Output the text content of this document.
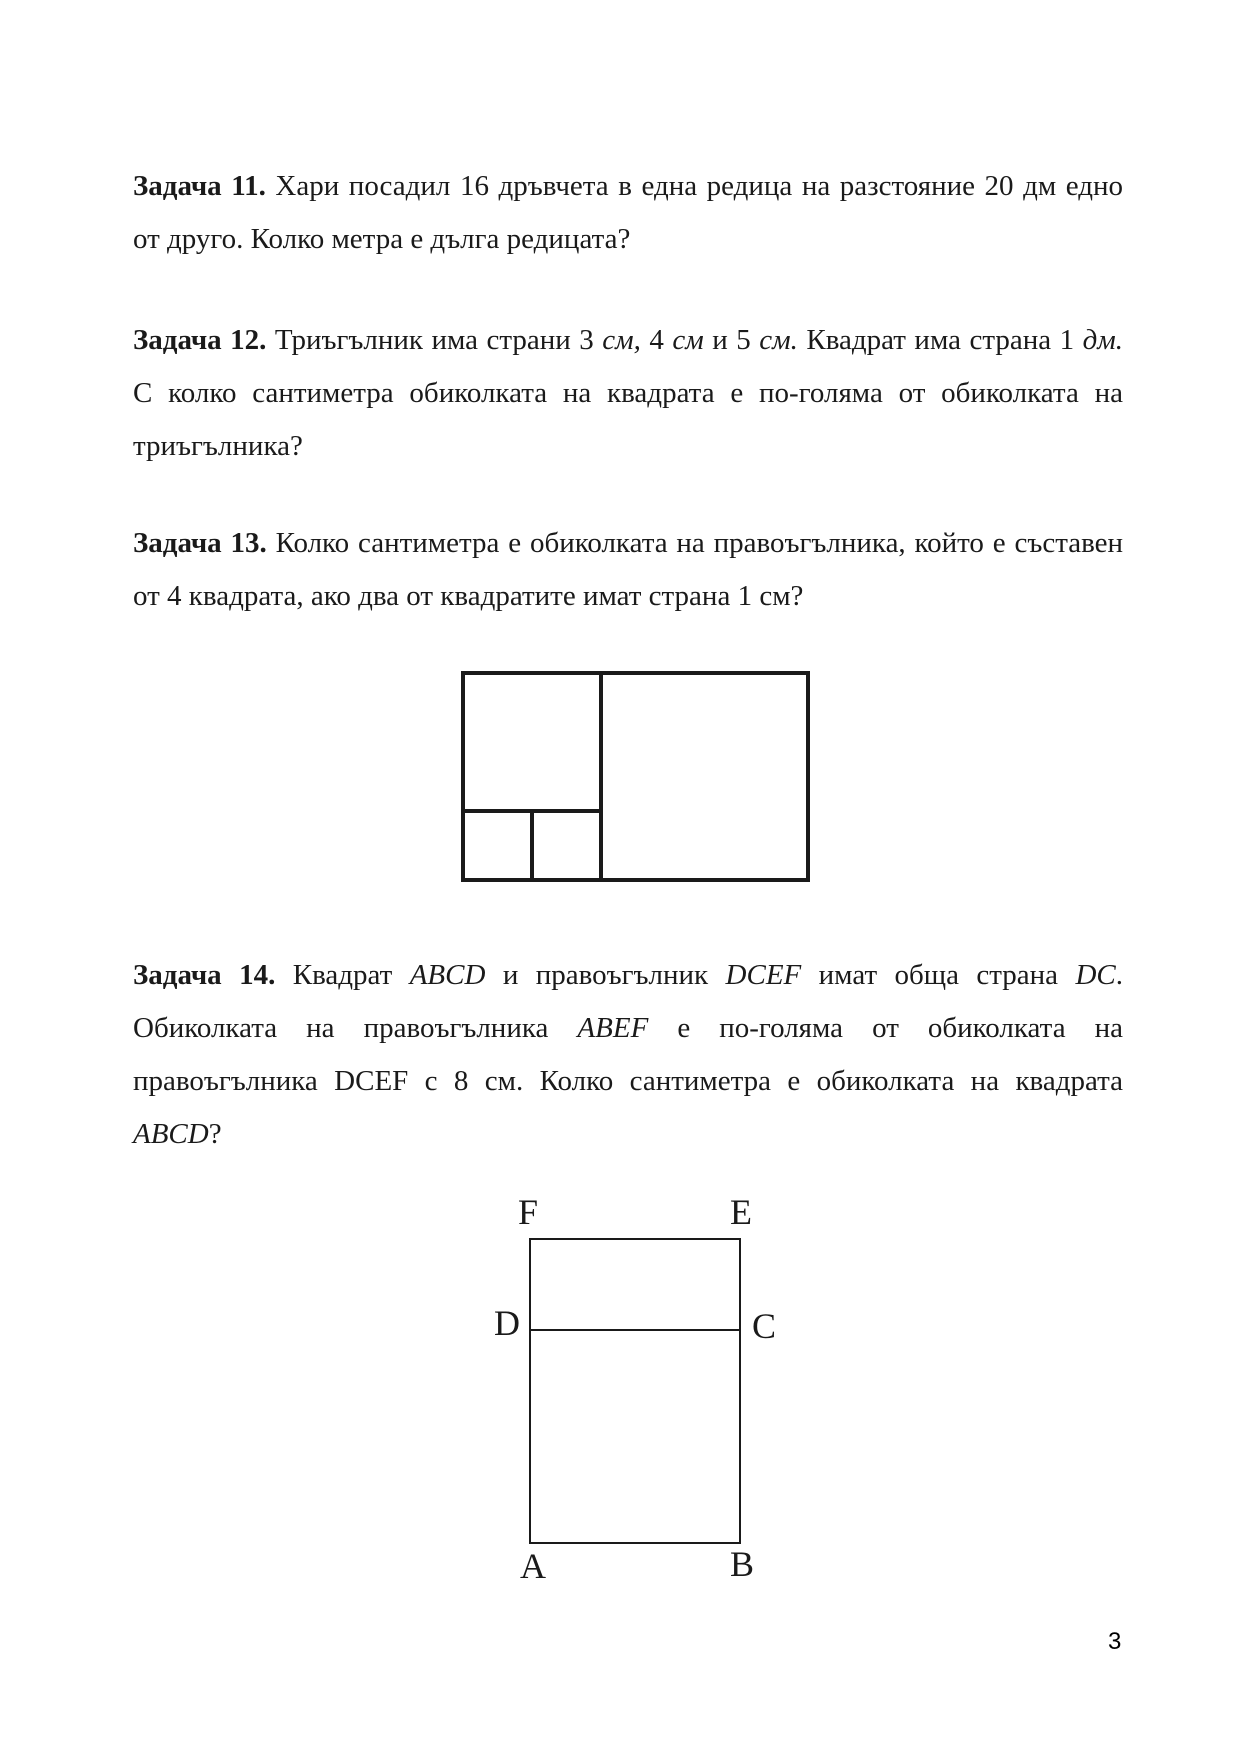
Задача 11. Хари посадил 16 дръвчета в една редица на разстояние 20 дм едно от друго. Колко метра е дълга редицата?

Задача 12. Триъгълник има страни 3 см, 4 см и 5 см. Квадрат има страна 1 дм. С колко сантиметра обиколката на квадрата е по-голяма от обиколката на триъгълника?

Задача 13. Колко сантиметра е обиколката на правоъгълника, който е съставен от 4 квадрата, ако два от квадратите имат страна 1 см?

Задача 14. Квадрат ABCD и правоъгълник DCEF имат обща страна DC. Обиколката на правоъгълника ABEF е по-голяма от обиколката на правоъгълника DCEF с 8 см. Колко сантиметра е обиколката на квадрата ABCD?

F	E
D	C
A	B
3
